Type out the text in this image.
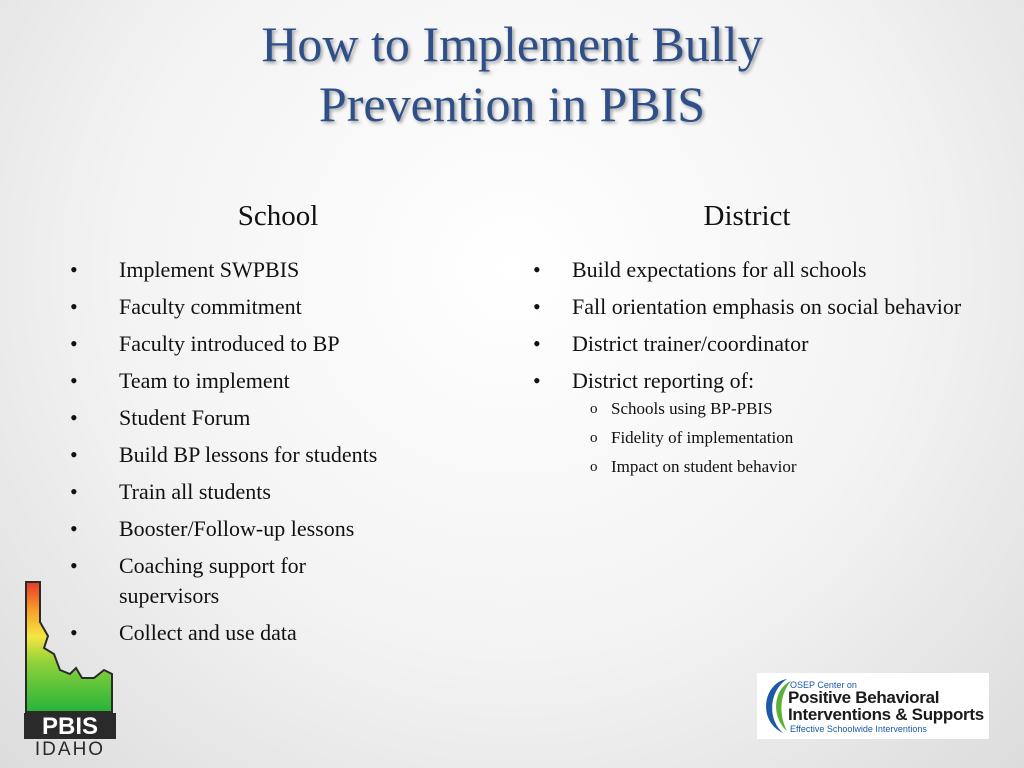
How to Implement Bully
Prevention in PBIS
School	District
• Implement SWPBIS
• Faculty commitment
• Faculty introduced to BP
• Team to implement
• Student Forum
• Build BP lessons for students
• Train all students
• Booster/Follow-up lessons
• Coaching support for supervisors
• Collect and use data
• Build expectations for all schools
• Fall orientation emphasis on social behavior
• District trainer/coordinator
• District reporting of:
o Schools using BP-PBIS
o Fidelity of implementation
o Impact on student behavior
PBIS
IDAHO
OSEP Center on
Positive Behavioral
Interventions & Supports
Effective Schoolwide Interventions
